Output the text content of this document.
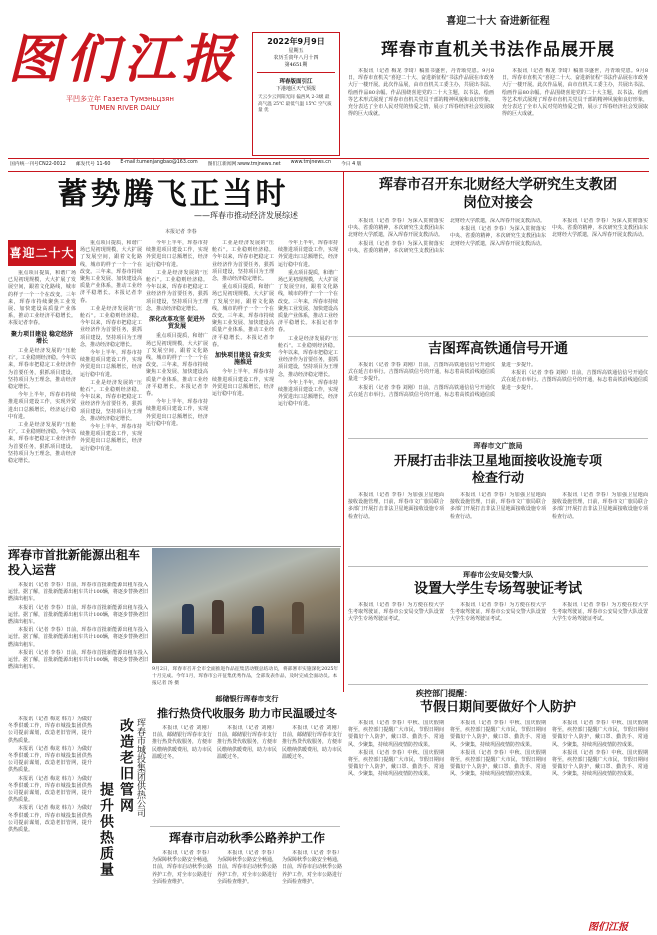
图们江报
平凹多立年 Газета Тумэньцзян
TUMEN RIVER DAILY
2022年9月9日
星期五
农历壬寅年八月十四
第4651期
珲春版面引江
下港地区天气预报
天云少云到阳光间 偏西风 2-3级 最高气温 25℃ 最低气温 15℃ 空气质量 优
喜迎二十大 奋进新征程
珲春市直机关书法作品展开展

本报讯（记者 梅龙 李琦）稿墨书盛世，丹青颂党恩。9月8日，珲春市直机关“喜迎二十大、奋进新征程”书法作品展在市政务大厅一楼开展。此次作品展，由市直机关工委主办，共展出书法、绘画作品80余幅。作品围绕喜迎党的二十大主题，以书法、绘画等艺术形式展现了珲春市直机关党员干部的精神风貌和良好形象，充分表达了全市人民对党的热爱之情，展示了珲春经济社会发展取得的巨大成就。

本报讯（记者 梅龙 李琦）稿墨书盛世，丹青颂党恩。9月8日，珲春市直机关“喜迎二十大、奋进新征程”书法作品展在市政务大厅一楼开展。此次作品展，由市直机关工委主办，共展出书法、绘画作品80余幅。作品围绕喜迎党的二十大主题，以书法、绘画等艺术形式展现了珲春市直机关党员干部的精神风貌和良好形象，充分表达了全市人民对党的热爱之情，展示了珲春经济社会发展取得的巨大成就。

国内统一刊号CN22-0012 邮发代号 11-60 E-mail:tumenjangbao@163.com 图们江新闻网:www.tmjnews.net www.tmjnews.cn 今日 4 版
蓄势腾飞正当时
——珲春市推动经济发展综述
本报记者 李春
喜迎二十大

重点项目提质，和谐广场已见初现规模，大大扩展了发展空间，跟着文化路线，城市的样子一个一个在改变。三年来，珲春市持续聚焦工业发展、加快建设高质量产业体系，推动工业经济平稳增长。本报记者李春。

聚力项目建设 稳定经济增长

工业是经济发展的“压舱石”。工业稳则经济稳。今年以来，珲春市把稳定工业经济作为首要任务，狠抓项目建设，坚持项目为王理念，推动经济稳定增长。

今年上半年，珲春市持续推进项目建设工作，实现外贸进出口总额增长，经济运行稳中有进。

工业是经济发展的“压舱石”。工业稳则经济稳。今年以来，珲春市把稳定工业经济作为首要任务，狠抓项目建设，坚持项目为王理念，推动经济稳定增长。

重点项目提质，和谐广场已见初现规模，大大扩展了发展空间，跟着文化路线，城市的样子一个一个在改变。三年来，珲春市持续聚焦工业发展、加快建设高质量产业体系，推动工业经济平稳增长。本报记者李春。

工业是经济发展的“压舱石”。工业稳则经济稳。今年以来，珲春市把稳定工业经济作为首要任务，狠抓项目建设，坚持项目为王理念，推动经济稳定增长。

今年上半年，珲春市持续推进项目建设工作，实现外贸进出口总额增长，经济运行稳中有进。

工业是经济发展的“压舱石”。工业稳则经济稳。今年以来，珲春市把稳定工业经济作为首要任务，狠抓项目建设，坚持项目为王理念，推动经济稳定增长。

今年上半年，珲春市持续推进项目建设工作，实现外贸进出口总额增长，经济运行稳中有进。

今年上半年，珲春市持续推进项目建设工作，实现外贸进出口总额增长，经济运行稳中有进。

工业是经济发展的“压舱石”。工业稳则经济稳。今年以来，珲春市把稳定工业经济作为首要任务，狠抓项目建设，坚持项目为王理念，推动经济稳定增长。

深化改革攻坚 促进外贸发展

重点项目提质，和谐广场已见初现规模，大大扩展了发展空间，跟着文化路线，城市的样子一个一个在改变。三年来，珲春市持续聚焦工业发展、加快建设高质量产业体系，推动工业经济平稳增长。本报记者李春。

今年上半年，珲春市持续推进项目建设工作，实现外贸进出口总额增长，经济运行稳中有进。

工业是经济发展的“压舱石”。工业稳则经济稳。今年以来，珲春市把稳定工业经济作为首要任务，狠抓项目建设，坚持项目为王理念，推动经济稳定增长。

重点项目提质，和谐广场已见初现规模，大大扩展了发展空间，跟着文化路线，城市的样子一个一个在改变。三年来，珲春市持续聚焦工业发展、加快建设高质量产业体系，推动工业经济平稳增长。本报记者李春。

加快项目建设 奋发实施推进

今年上半年，珲春市持续推进项目建设工作，实现外贸进出口总额增长，经济运行稳中有进。

今年上半年，珲春市持续推进项目建设工作，实现外贸进出口总额增长，经济运行稳中有进。

重点项目提质，和谐广场已见初现规模，大大扩展了发展空间，跟着文化路线，城市的样子一个一个在改变。三年来，珲春市持续聚焦工业发展、加快建设高质量产业体系，推动工业经济平稳增长。本报记者李春。

工业是经济发展的“压舱石”。工业稳则经济稳。今年以来，珲春市把稳定工业经济作为首要任务，狠抓项目建设，坚持项目为王理念，推动经济稳定增长。

今年上半年，珲春市持续推进项目建设工作，实现外贸进出口总额增长，经济运行稳中有进。

珲春市召开东北财经大学研究生支教团岗位对接会

本报讯（记者 李春）为深入贯彻落实中央、省委的精神，本次研究生支教团由东北财经大学派遣，深入珲春开展支教活动。

本报讯（记者 李春）为深入贯彻落实中央、省委的精神，本次研究生支教团由东北财经大学派遣，深入珲春开展支教活动。

本报讯（记者 李春）为深入贯彻落实中央、省委的精神，本次研究生支教团由东北财经大学派遣，深入珲春开展支教活动。

本报讯（记者 李春）为深入贯彻落实中央、省委的精神，本次研究生支教团由东北财经大学派遣，深入珲春开展支教活动。

吉图珲高铁通信号开通

本报讯（记者 李春 刘刚）日前，吉图珲高铁通信信号开通仪式在延吉市举行。吉图珲高铁信号的开通，标志着高铁沿线通信质量进一步提升。

本报讯（记者 李春 刘刚）日前，吉图珲高铁通信信号开通仪式在延吉市举行。吉图珲高铁信号的开通，标志着高铁沿线通信质量进一步提升。

本报讯（记者 李春 刘刚）日前，吉图珲高铁通信信号开通仪式在延吉市举行。吉图珲高铁信号的开通，标志着高铁沿线通信质量进一步提升。

珲春市文广旅局
开展打击非法卫星地面接收设施专项检查行动

本报讯（记者 李春）为加强卫星地面接收设施管理，日前，珲春市文广旅局联合多部门开展打击非法卫星地面接收设施专项检查行动。

本报讯（记者 李春）为加强卫星地面接收设施管理，日前，珲春市文广旅局联合多部门开展打击非法卫星地面接收设施专项检查行动。

本报讯（记者 李春）为加强卫星地面接收设施管理，日前，珲春市文广旅局联合多部门开展打击非法卫星地面接收设施专项检查行动。

珲春市公安局交警大队
设置大学生专场驾驶证考试

本报讯（记者 李春）为方便在校大学生考取驾驶证，珲春市公安局交警大队设置大学生专场驾驶证考试。

本报讯（记者 李春）为方便在校大学生考取驾驶证，珲春市公安局交警大队设置大学生专场驾驶证考试。

本报讯（记者 李春）为方便在校大学生考取驾驶证，珲春市公安局交警大队设置大学生专场驾驶证考试。

疾控部门提醒：
节假日期间要做好个人防护

本报讯（记者 李春）中秋、国庆假期将至，疾控部门提醒广大市民，节假日期间要做好个人防护，戴口罩、勤洗手、常通风、少聚集，持续巩固疫情防控成果。

本报讯（记者 李春）中秋、国庆假期将至，疾控部门提醒广大市民，节假日期间要做好个人防护，戴口罩、勤洗手、常通风、少聚集，持续巩固疫情防控成果。

本报讯（记者 李春）中秋、国庆假期将至，疾控部门提醒广大市民，节假日期间要做好个人防护，戴口罩、勤洗手、常通风、少聚集，持续巩固疫情防控成果。

本报讯（记者 李春）中秋、国庆假期将至，疾控部门提醒广大市民，节假日期间要做好个人防护，戴口罩、勤洗手、常通风、少聚集，持续巩固疫情防控成果。

本报讯（记者 李春）中秋、国庆假期将至，疾控部门提醒广大市民，节假日期间要做好个人防护，戴口罩、勤洗手、常通风、少聚集，持续巩固疫情防控成果。

本报讯（记者 李春）中秋、国庆假期将至，疾控部门提醒广大市民，节假日期间要做好个人防护，戴口罩、勤洗手、常通风、少聚集，持续巩固疫情防控成果。

珲春市首批新能源出租车投入运营

本报讯（记者 李春）日前，珲春市首批新能源出租车投入运营。据了解，首批新能源出租车共计100辆，将逐步替换老旧燃油出租车。

本报讯（记者 李春）日前，珲春市首批新能源出租车投入运营。据了解，首批新能源出租车共计100辆，将逐步替换老旧燃油出租车。

本报讯（记者 李春）日前，珲春市首批新能源出租车投入运营。据了解，首批新能源出租车共计100辆，将逐步替换老旧燃油出租车。

本报讯（记者 李春）日前，珲春市首批新能源出租车投入运营。据了解，首批新能源出租车共计100辆，将逐步替换老旧燃油出租车。

改造老旧管网
提升供热质量
珲春市城投集团供热公司

本报讯（记者 梅龙 韩力）为做好冬季供暖工作，珲春市城投集团供热公司提前谋划，改造老旧管网，提升供热质量。

本报讯（记者 梅龙 韩力）为做好冬季供暖工作，珲春市城投集团供热公司提前谋划，改造老旧管网，提升供热质量。

本报讯（记者 梅龙 韩力）为做好冬季供暖工作，珲春市城投集团供热公司提前谋划，改造老旧管网，提升供热质量。

本报讯（记者 梅龙 韩力）为做好冬季供暖工作，珲春市城投集团供热公司提前谋划，改造老旧管网，提升供热质量。

9月2日，珲春市召开全市全面推进作品征集活动暨总结动员，将部署市实施深化2025年十月完成。今年1月，珲春市公开征集优秀作品，全部发表作品，及时完成全面动员。本报记者 汤 摄
邮储银行珲春市支行
推行热贷代收服务 助力市民温暖过冬

本报讯（记者 刘刚）日前，邮储银行珲春市支行推行热贷代收服务，方便市民缴纳供暖费用，助力市民温暖过冬。

本报讯（记者 刘刚）日前，邮储银行珲春市支行推行热贷代收服务，方便市民缴纳供暖费用，助力市民温暖过冬。

本报讯（记者 刘刚）日前，邮储银行珲春市支行推行热贷代收服务，方便市民缴纳供暖费用，助力市民温暖过冬。

珲春市启动秋季公路养护工作

本报讯（记者 李春）为保障秋季公路安全畅通，日前，珲春市启动秋季公路养护工作，对全市公路进行全面检查维护。

本报讯（记者 李春）为保障秋季公路安全畅通，日前，珲春市启动秋季公路养护工作，对全市公路进行全面检查维护。

本报讯（记者 李春）为保障秋季公路安全畅通，日前，珲春市启动秋季公路养护工作，对全市公路进行全面检查维护。

图们江报
